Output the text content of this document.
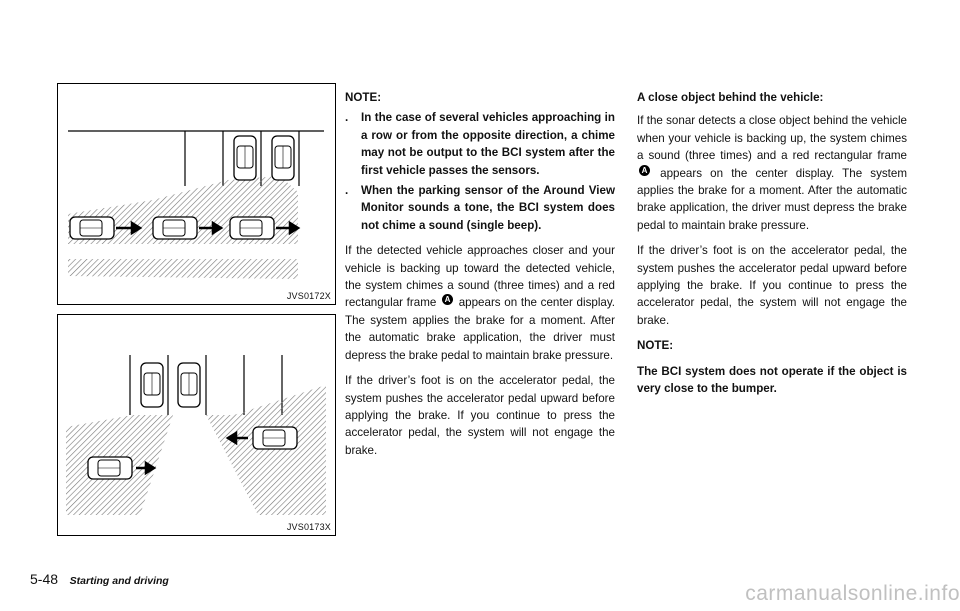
JVS0172X
JVS0173X
NOTE:
. In the case of several vehicles approaching in a row or from the opposite direction, a chime may not be output to the BCI system after the first vehicle passes the sensors.
. When the parking sensor of the Around View Monitor sounds a tone, the BCI system does not chime a sound (single beep).
If the detected vehicle approaches closer and your vehicle is backing up toward the detected vehicle, the system chimes a sound (three times) and a red rectangular frame A appears on the center display. The system applies the brake for a moment. After the automatic brake application, the driver must depress the brake pedal to maintain brake pressure.
If the driver’s foot is on the accelerator pedal, the system pushes the accelerator pedal upward before applying the brake. If you continue to press the accelerator pedal, the system will not engage the brake.
A close object behind the vehicle:
If the sonar detects a close object behind the vehicle when your vehicle is backing up, the system chimes a sound (three times) and a red rectangular frame A appears on the center display. The system applies the brake for a moment. After the automatic brake application, the driver must depress the brake pedal to maintain brake pressure.
If the driver’s foot is on the accelerator pedal, the system pushes the accelerator pedal upward before applying the brake. If you continue to press the accelerator pedal, the system will not engage the brake.
NOTE:
The BCI system does not operate if the object is very close to the bumper.
5-48 Starting and driving
carmanualsonline.info
